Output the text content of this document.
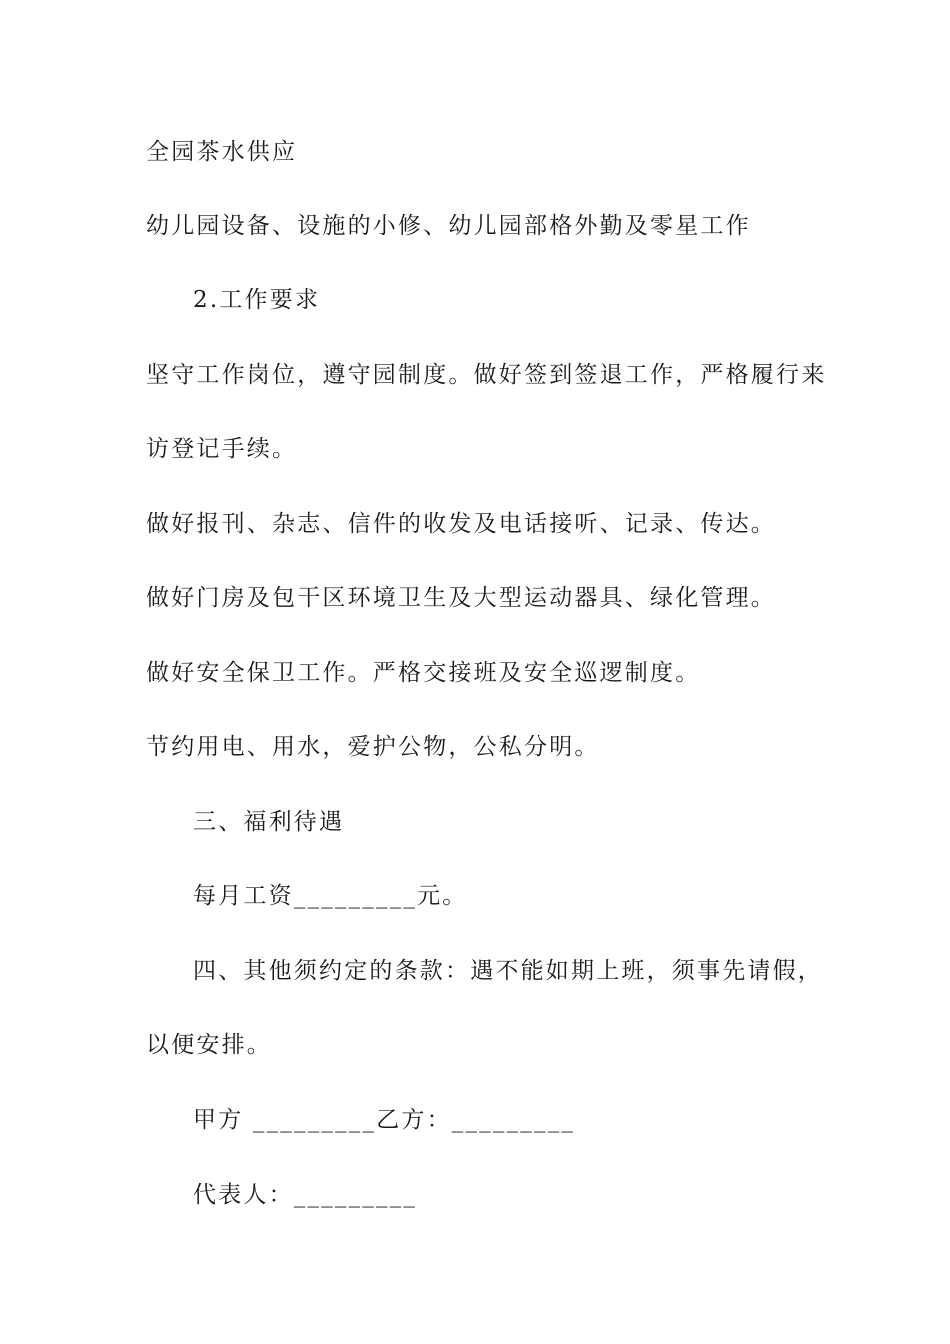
全园茶水供应
幼儿园设备、设施的小修、幼儿园部格外勤及零星工作
2.工作要求
坚守工作岗位，遵守园制度。做好签到签退工作，严格履行来
访登记手续。
做好报刊、杂志、信件的收发及电话接听、记录、传达。
做好门房及包干区环境卫生及大型运动器具、绿化管理。
做好安全保卫工作。严格交接班及安全巡逻制度。
节约用电、用水，爱护公物，公私分明。
三、福利待遇
每月工资_________元。
四、其他须约定的条款：遇不能如期上班，须事先请假，
以便安排。
甲方 _________乙方：_________
代表人：_________
